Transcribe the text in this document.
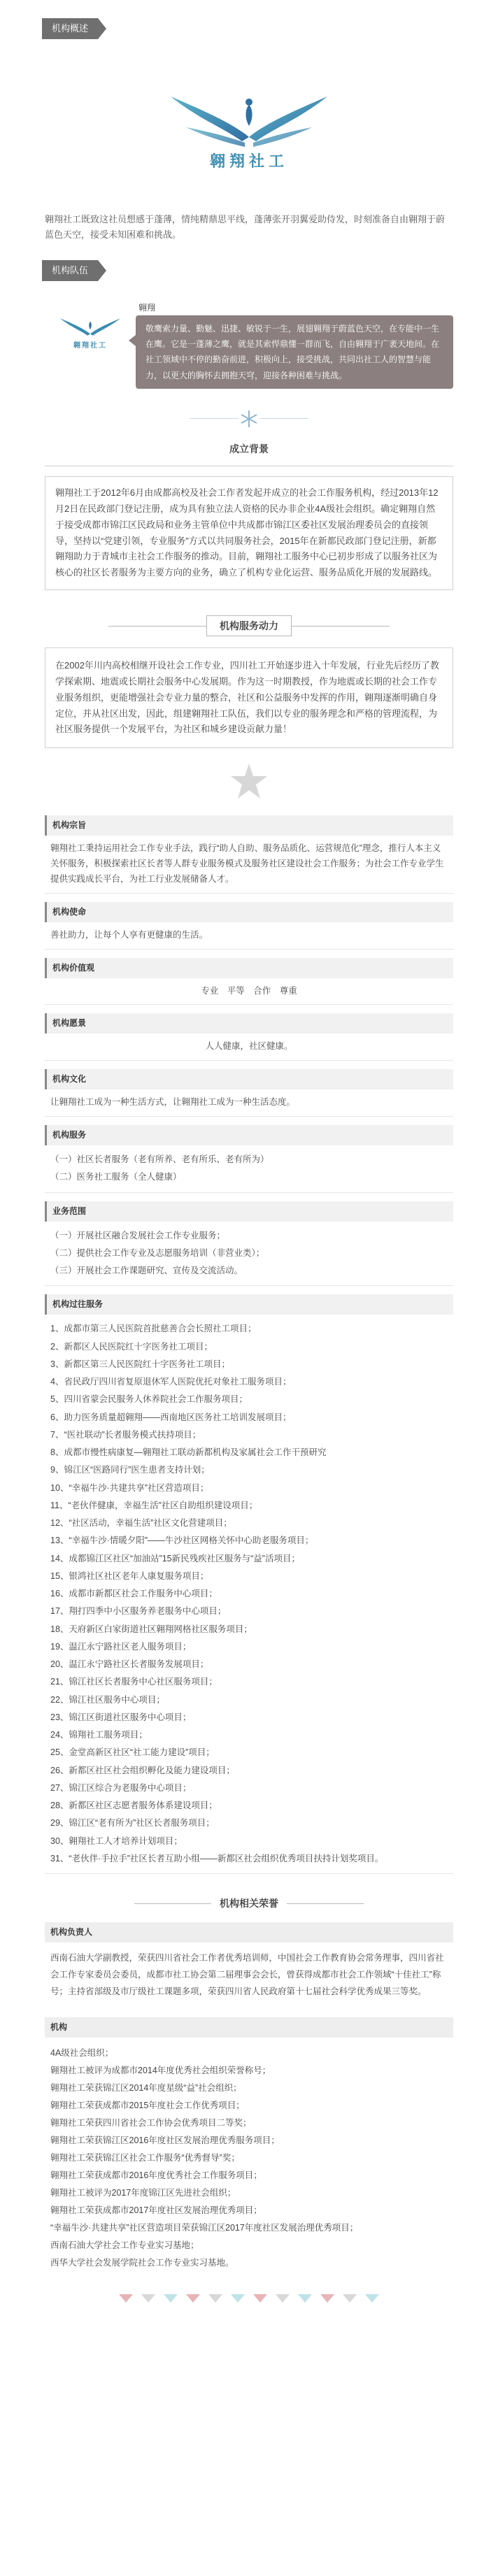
机构概述
翱翔社工

翱翔社工既致这社员想感于蓬薄，情纯精鼎思平线，蓬薄张开羽翼爱助侍发，时刻准备自由翱翔于蔚蓝色天空，接受未知困难和挑战。

机构队伍
翱翔社工
翱翔
敬鹰索力量、勤魅、迅捷、敏锐于一生，展翅翱翔于蔚蓝色天空，在专能中一生在鹰。它是一蓬薄之鹰，就是其索悍鼎懂一群而飞，自由翱翔于广袤天地间。在社工领域中不停的勤奋前进，积极向上，接受挑战，共同出社工人的智慧与能力，以更大的胸怀去拥抱天穹，迎接各种困难与挑战。
成立背景

翱翔社工于2012年6月由成都高校及社会工作者发起并成立的社会工作服务机构，经过2013年12月2日在民政部门登记注册，成为具有独立法人资格的民办非企业4A级社会组织。确定翱翔自然于接受成都市锦江区民政局和业务主管单位中共成都市锦江区委社区发展治理委员会的直接领导，坚持以“党建引领，专业服务”方式以共同服务社会，2015年在新都民政部门登记注册，新都翱翔助力于青城市主社会工作服务的推动。目前，翱翔社工服务中心已初步形成了以服务社区为核心的社区长者服务为主要方向的业务，确立了机构专业化运营、服务品质化开展的发展路线。

机构服务动力

在2002年川内高校相继开设社会工作专业，四川社工开始逐步进入十年发展，行业先后经历了教学探索期、地震或长期社会服务中心发展期。作为这一时期教授，作为地震或长期的社会工作专业服务组织，更能增强社会专业力量的整合，社区和公益服务中发挥的作用，翱翔逐渐明确自身定位，并从社区出发，因此，组建翱翔社工队伍，我们以专业的服务理念和严格的管理流程，为社区服务提供一个发展平台，为社区和城乡建设贡献力量！

机构宗旨
翱翔社工秉持运用社会工作专业手法，践行“助人自助、服务品质化、运营规范化”理念，推行人本主义关怀服务，积极探索社区长者等人群专业服务模式及服务社区建设社会工作服务；为社会工作专业学生提供实践成长平台，为社工行业发展储备人才。
机构使命
善社助力，让每个人享有更健康的生活。
机构价值观
专业　平等　合作　尊重
机构愿景
人人健康，社区健康。
机构文化
让翱翔社工成为一种生活方式，让翱翔社工成为一种生活态度。
机构服务
（一）社区长者服务（老有所养、老有所乐、老有所为）
（二）医务社工服务（全人健康）
业务范围
（一）开展社区融合发展社会工作专业服务；
（二）提供社会工作专业及志愿服务培训（非营业类）；
（三）开展社会工作课题研究、宣传及交流活动。
机构过往服务
1、成都市第三人民医院首批慈善合会长照社工项目；
2、新都区人民医院红十字医务社工项目；
3、新都区第三人民医院红十字医务社工项目；
4、省民政厅四川省复原退休军人医院优托对象社工服务项目；
5、四川省蒙会民服务人休养院社会工作服务项目；
6、助力医务质量超翱翔——西南地区医务社工培训发展项目；
7、“医社联动”长者服务模式扶持项目；
8、成都市慢性病康复—翱翔社工联动新都机构及家属社会工作干预研究
9、锦江区“医路同行”医生患者支持计划；
10、“幸福牛沙·共建共享”社区营造项目；
11、“老伙伴健康，幸福生活”社区自助组织建设项目；
12、“社区活动，幸福生活”社区文化营建项目；
13、“幸福牛沙·情暖夕阳”——牛沙社区网格关怀中心助老服务项目；
14、成都锦江区社区“加油站”15新民残疾社区服务与“益”活项目；
15、银鸿社区社区老年人康复服务项目；
16、成都市新都区社会工作服务中心项目；
17、翔打四季中小区服务养老服务中心项目；
18、天府新区白家街道社区翱翔网格社区服务项目；
19、温江永宁路社区老人服务项目；
20、温江永宁路社区长者服务发展项目；
21、锦江社区长者服务中心社区服务项目；
22、锦江社区服务中心项目；
23、锦江区街道社区服务中心项目；
24、锦翔社工服务项目；
25、金堂高新区社区“社工能力建设”项目；
26、新都区社区社会组织孵化及能力建设项目；
27、锦江区综合为老服务中心项目；
28、新都区社区志愿者服务体系建设项目；
29、锦江区“老有所为”社区长者服务项目；
30、翱翔社工人才培养计划项目；
31、“老伙伴·手拉手”社区长者互助小组——新都区社会组织优秀项目扶持计划奖项目。
机构相关荣誉
机构负责人
西南石油大学副教授，荣获四川省社会工作者优秀培训师，中国社会工作教育协会常务理事，四川省社会工作专家委员会委员，成都市社工协会第二届理事会会长，曾获得成都市社会工作领域“十佳社工”称号；主持省部级及市厅级社工课题多项，荣获四川省人民政府第十七届社会科学优秀成果三等奖。
机构
4A级社会组织；
翱翔社工被评为成都市2014年度优秀社会组织荣誉称号；
翱翔社工荣获锦江区2014年度星级“益”社会组织；
翱翔社工荣获成都市2015年度社会工作优秀项目；
翱翔社工荣获四川省社会工作协会优秀项目二等奖；
翱翔社工荣获锦江区2016年度社区发展治理优秀服务项目；
翱翔社工荣获锦江区社会工作服务“优秀督导”奖；
翱翔社工荣获成都市2016年度优秀社会工作服务项目；
翱翔社工被评为2017年度锦江区先进社会组织；
翱翔社工荣获成都市2017年度社区发展治理优秀项目；
“幸福牛沙·共建共享”社区营造项目荣获锦江区2017年度社区发展治理优秀项目；
西南石油大学社会工作专业实习基地；
西华大学社会发展学院社会工作专业实习基地。
